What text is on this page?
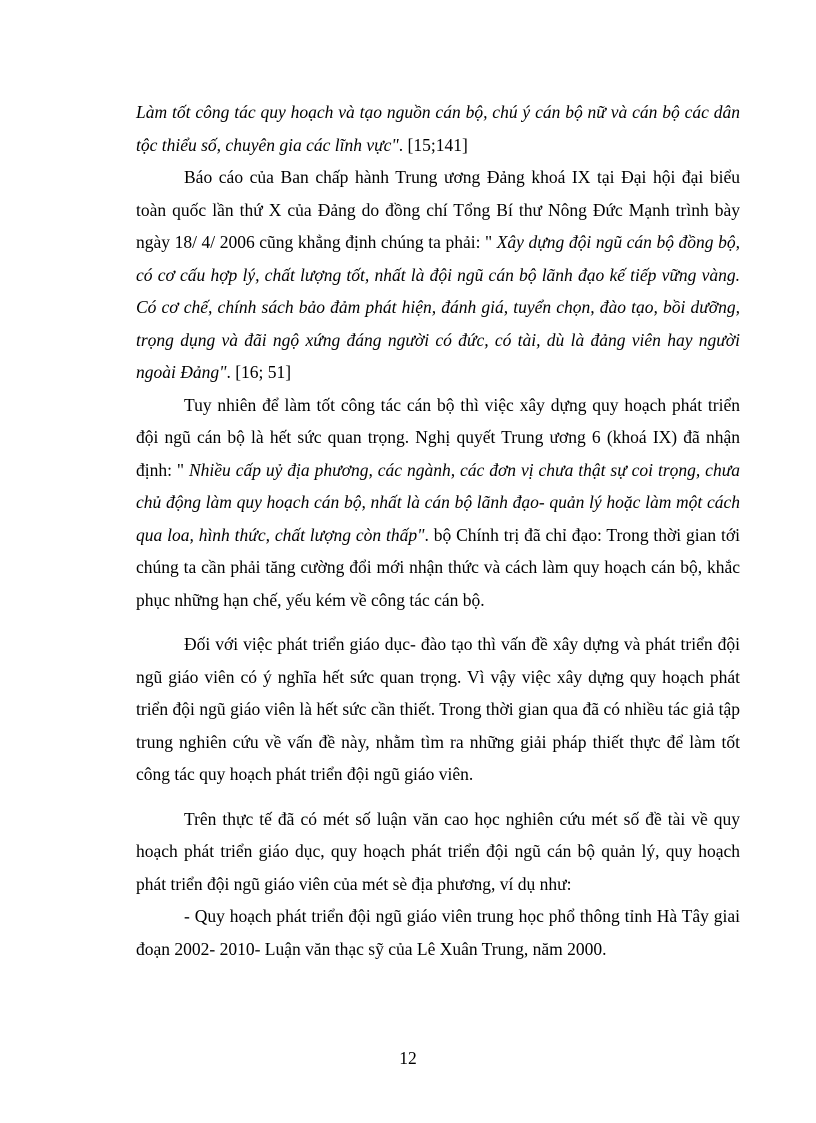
Làm tốt công tác quy hoạch và tạo nguồn cán bộ, chú ý cán bộ nữ và cán bộ các dân tộc thiểu số, chuyên gia các lĩnh vực". [15;141]

Báo cáo của Ban chấp hành Trung ương Đảng khoá IX tại Đại hội đại biểu toàn quốc lần thứ X của Đảng do đồng chí Tổng Bí thư Nông Đức Mạnh trình bày ngày 18/ 4/ 2006 cũng khẳng định chúng ta phải: " Xây dựng đội ngũ cán bộ đồng bộ, có cơ cấu hợp lý, chất lượng tốt, nhất là đội ngũ cán bộ lãnh đạo kế tiếp vững vàng. Có cơ chế, chính sách bảo đảm phát hiện, đánh giá, tuyển chọn, đào tạo, bồi dưỡng, trọng dụng và đãi ngộ xứng đáng người có đức, có tài, dù là đảng viên hay người ngoài Đảng". [16; 51]

Tuy nhiên để làm tốt công tác cán bộ thì việc xây dựng quy hoạch phát triển đội ngũ cán bộ là hết sức quan trọng. Nghị quyết Trung ương 6 (khoá IX) đã nhận định: " Nhiều cấp uỷ địa phương, các ngành, các đơn vị chưa thật sự coi trọng, chưa chủ động làm quy hoạch cán bộ, nhất là cán bộ lãnh đạo- quản lý hoặc làm một cách qua loa, hình thức, chất lượng còn thấp". bộ Chính trị đã chỉ đạo: Trong thời gian tới chúng ta cần phải tăng cường đổi mới nhận thức và cách làm quy hoạch cán bộ, khắc phục những hạn chế, yếu kém về công tác cán bộ.

Đối với việc phát triển giáo dục- đào tạo thì vấn đề xây dựng và phát triển đội ngũ giáo viên có ý nghĩa hết sức quan trọng. Vì vậy việc xây dựng quy hoạch phát triển đội ngũ giáo viên là hết sức cần thiết. Trong thời gian qua đã có nhiều tác giả tập trung nghiên cứu về vấn đề này, nhằm tìm ra những giải pháp thiết thực để làm tốt công tác quy hoạch phát triển đội ngũ giáo viên.

Trên thực tế đã có mét số luận văn cao học nghiên cứu mét số đề tài về quy hoạch phát triển giáo dục, quy hoạch phát triển đội ngũ cán bộ quản lý, quy hoạch phát triển đội ngũ giáo viên của mét sè địa phương, ví dụ như:

- Quy hoạch phát triển đội ngũ giáo viên trung học phổ thông tỉnh Hà Tây giai đoạn 2002- 2010- Luận văn thạc sỹ của Lê Xuân Trung, năm 2000.

12
